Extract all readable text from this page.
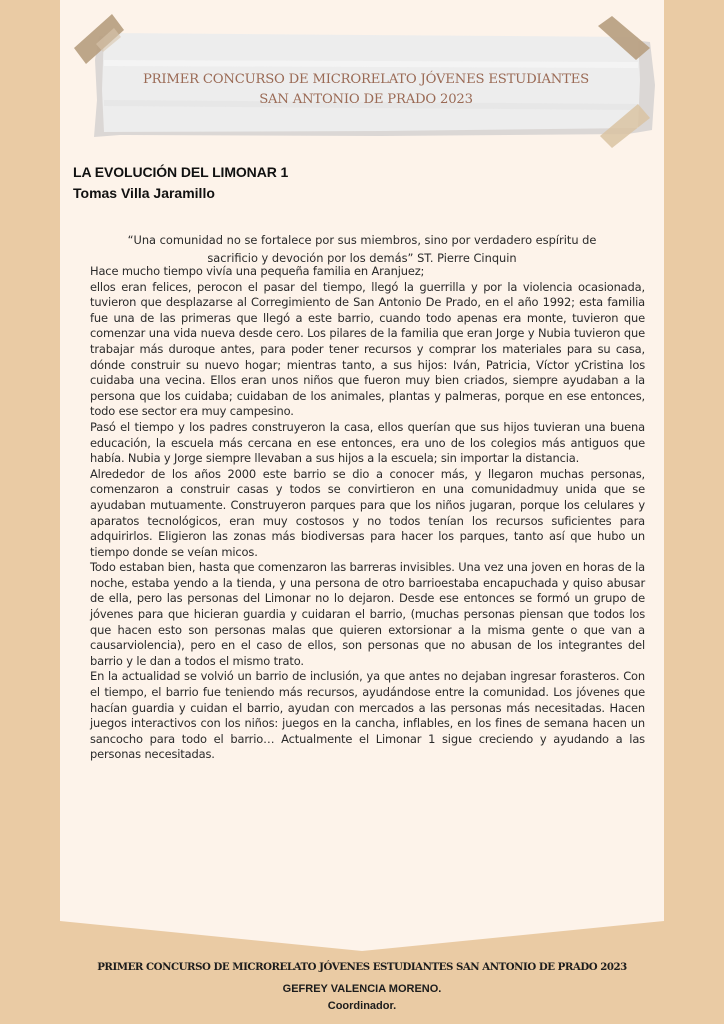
PRIMER CONCURSO DE MICRORELATO JÓVENES ESTUDIANTES
SAN ANTONIO DE PRADO 2023
LA EVOLUCIÓN DEL LIMONAR 1
Tomas Villa Jaramillo
“Una comunidad no se fortalece por sus miembros, sino por verdadero espíritu de
sacrificio y devoción por los demás” ST. Pierre Cinquin

Hace mucho tiempo vivía una pequeña familia en Aranjuez;

ellos eran felices, perocon el pasar del tiempo, llegó la guerrilla y por la violencia ocasionada, tuvieron que desplazarse al Corregimiento de San Antonio De Prado, en el año 1992; esta familia fue una de las primeras que llegó a este barrio, cuando todo apenas era monte, tuvieron que comenzar una vida nueva desde cero. Los pilares de la familia que eran Jorge y Nubia tuvieron que trabajar más duroque antes, para poder tener recursos y comprar los materiales para su casa, dónde construir su nuevo hogar; mientras tanto, a sus hijos: Iván, Patricia, Víctor yCristina los cuidaba una vecina. Ellos eran unos niños que fueron muy bien criados, siempre ayudaban a la persona que los cuidaba; cuidaban de los animales, plantas y palmeras, porque en ese entonces, todo ese sector era muy campesino.

Pasó el tiempo y los padres construyeron la casa, ellos querían que sus hijos tuvieran una buena educación, la escuela más cercana en ese entonces, era uno de los colegios más antiguos que había. Nubia y Jorge siempre llevaban a sus hijos a la escuela; sin importar la distancia.

Alrededor de los años 2000 este barrio se dio a conocer más, y llegaron muchas personas, comenzaron a construir casas y todos se convirtieron en una comunidadmuy unida que se ayudaban mutuamente. Construyeron parques para que los niños jugaran, porque los celulares y aparatos tecnológicos, eran muy costosos y no todos tenían los recursos suficientes para adquirirlos. Eligieron las zonas más biodiversas para hacer los parques, tanto así que hubo un tiempo donde se veían micos.

Todo estaban bien, hasta que comenzaron las barreras invisibles. Una vez una joven en horas de la noche, estaba yendo a la tienda, y una persona de otro barrioestaba encapuchada y quiso abusar de ella, pero las personas del Limonar no lo dejaron. Desde ese entonces se formó un grupo de jóvenes para que hicieran guardia y cuidaran el barrio, (muchas personas piensan que todos los que hacen esto son personas malas que quieren extorsionar a la misma gente o que van a causarviolencia), pero en el caso de ellos, son personas que no abusan de los integrantes del barrio y le dan a todos el mismo trato.

En la actualidad se volvió un barrio de inclusión, ya que antes no dejaban ingresar forasteros. Con el tiempo, el barrio fue teniendo más recursos, ayudándose entre la comunidad. Los jóvenes que hacían guardia y cuidan el barrio, ayudan con mercados a las personas más necesitadas. Hacen juegos interactivos con los niños: juegos en la cancha, inflables, en los fines de semana hacen un sancocho para todo el barrio… Actualmente el Limonar 1 sigue creciendo y ayudando a las personas necesitadas.

PRIMER CONCURSO DE MICRORELATO JÓVENES ESTUDIANTES SAN ANTONIO DE PRADO 2023
GEFREY VALENCIA MORENO.
Coordinador.
